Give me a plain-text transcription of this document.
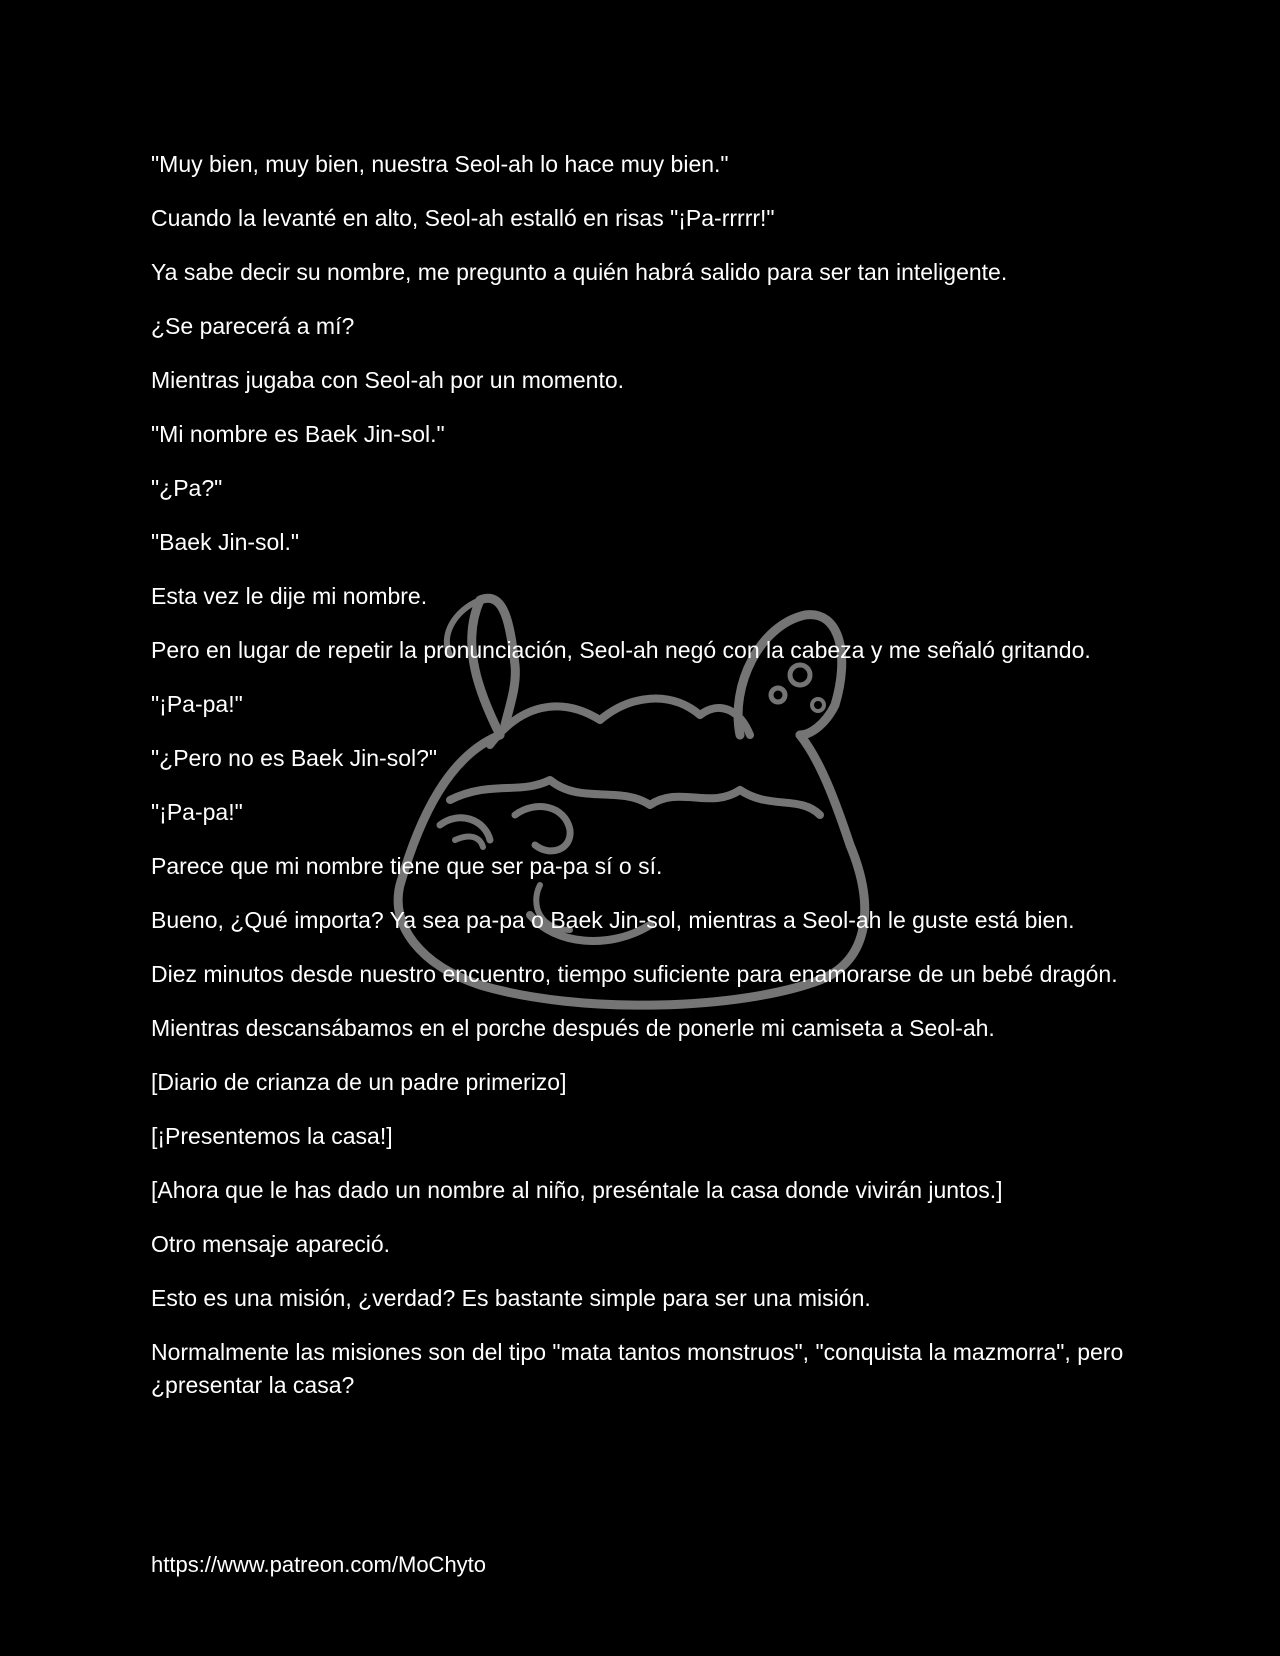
"Muy bien, muy bien, nuestra Seol-ah lo hace muy bien."

Cuando la levanté en alto, Seol-ah estalló en risas "¡Pa-rrrrr!"

Ya sabe decir su nombre, me pregunto a quién habrá salido para ser tan inteligente.

¿Se parecerá a mí?

Mientras jugaba con Seol-ah por un momento.

"Mi nombre es Baek Jin-sol."

"¿Pa?"

"Baek Jin-sol."

Esta vez le dije mi nombre.

Pero en lugar de repetir la pronunciación, Seol-ah negó con la cabeza y me señaló gritando.

"¡Pa-pa!"

"¿Pero no es Baek Jin-sol?"

"¡Pa-pa!"

Parece que mi nombre tiene que ser pa-pa sí o sí.

Bueno, ¿Qué importa? Ya sea pa-pa o Baek Jin-sol, mientras a Seol-ah le guste está bien.

Diez minutos desde nuestro encuentro, tiempo suficiente para enamorarse de un bebé dragón.

Mientras descansábamos en el porche después de ponerle mi camiseta a Seol-ah.

[Diario de crianza de un padre primerizo]

[¡Presentemos la casa!]

[Ahora que le has dado un nombre al niño, preséntale la casa donde vivirán juntos.]

Otro mensaje apareció.

Esto es una misión, ¿verdad? Es bastante simple para ser una misión.

Normalmente las misiones son del tipo "mata tantos monstruos", "conquista la mazmorra", pero ¿presentar la casa?

https://www.patreon.com/MoChyto
